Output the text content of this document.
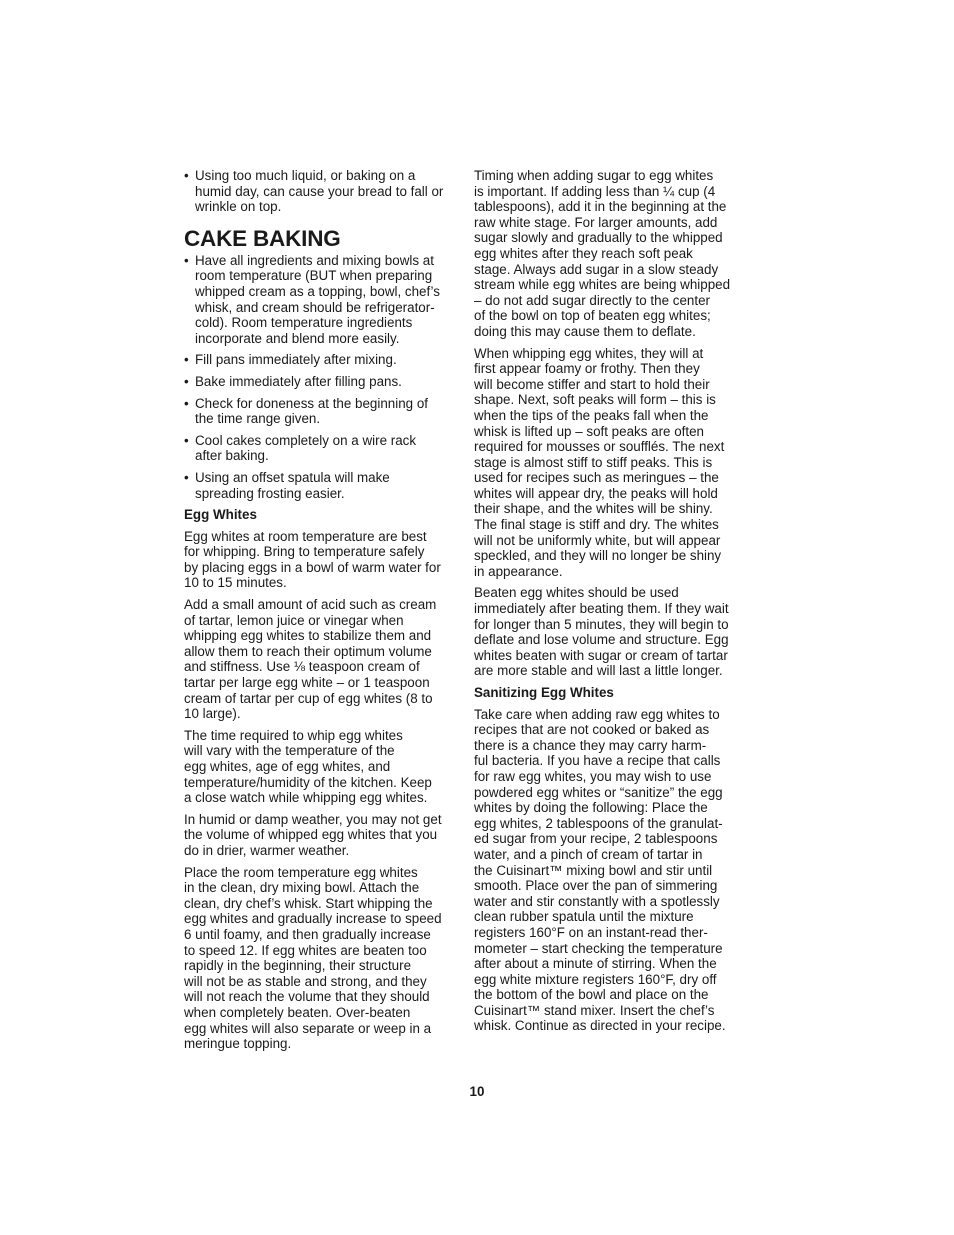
• Using too much liquid, or baking on a
humid day, can cause your bread to fall or
wrinkle on top.
CAKE BAKING
• Have all ingredients and mixing bowls at
room temperature (BUT when preparing
whipped cream as a topping, bowl, chef’s
whisk, and cream should be refrigerator-
cold). Room temperature ingredients
incorporate and blend more easily.
• Fill pans immediately after mixing.
• Bake immediately after filling pans.
• Check for doneness at the beginning of
the time range given.
• Cool cakes completely on a wire rack
after baking.
• Using an offset spatula will make
spreading frosting easier.
Egg Whites

Egg whites at room temperature are best
for whipping. Bring to temperature safely
by placing eggs in a bowl of warm water for
10 to 15 minutes.

Add a small amount of acid such as cream
of tartar, lemon juice or vinegar when
whipping egg whites to stabilize them and
allow them to reach their optimum volume
and stiffness. Use ⅛ teaspoon cream of
tartar per large egg white – or 1 teaspoon
cream of tartar per cup of egg whites (8 to
10 large).

The time required to whip egg whites
will vary with the temperature of the
egg whites, age of egg whites, and
temperature/humidity of the kitchen. Keep
a close watch while whipping egg whites.

In humid or damp weather, you may not get
the volume of whipped egg whites that you
do in drier, warmer weather.

Place the room temperature egg whites
in the clean, dry mixing bowl. Attach the
clean, dry chef’s whisk. Start whipping the
egg whites and gradually increase to speed
6 until foamy, and then gradually increase
to speed 12. If egg whites are beaten too
rapidly in the beginning, their structure
will not be as stable and strong, and they
will not reach the volume that they should
when completely beaten. Over-beaten
egg whites will also separate or weep in a
meringue topping.

Timing when adding sugar to egg whites
is important. If adding less than ¼ cup (4
tablespoons), add it in the beginning at the
raw white stage. For larger amounts, add
sugar slowly and gradually to the whipped
egg whites after they reach soft peak
stage. Always add sugar in a slow steady
stream while egg whites are being whipped
– do not add sugar directly to the center
of the bowl on top of beaten egg whites;
doing this may cause them to deflate.

When whipping egg whites, they will at
first appear foamy or frothy. Then they
will become stiffer and start to hold their
shape. Next, soft peaks will form – this is
when the tips of the peaks fall when the
whisk is lifted up – soft peaks are often
required for mousses or soufflés. The next
stage is almost stiff to stiff peaks. This is
used for recipes such as meringues – the
whites will appear dry, the peaks will hold
their shape, and the whites will be shiny.
The final stage is stiff and dry. The whites
will not be uniformly white, but will appear
speckled, and they will no longer be shiny
in appearance.

Beaten egg whites should be used
immediately after beating them. If they wait
for longer than 5 minutes, they will begin to
deflate and lose volume and structure. Egg
whites beaten with sugar or cream of tartar
are more stable and will last a little longer.

Sanitizing Egg Whites

Take care when adding raw egg whites to
recipes that are not cooked or baked as
there is a chance they may carry harm-
ful bacteria. If you have a recipe that calls
for raw egg whites, you may wish to use
powdered egg whites or “sanitize” the egg
whites by doing the following: Place the
egg whites, 2 tablespoons of the granulat-
ed sugar from your recipe, 2 tablespoons
water, and a pinch of cream of tartar in
the Cuisinart™ mixing bowl and stir until
smooth. Place over the pan of simmering
water and stir constantly with a spotlessly
clean rubber spatula until the mixture
registers 160°F on an instant-read ther-
mometer – start checking the temperature
after about a minute of stirring. When the
egg white mixture registers 160°F, dry off
the bottom of the bowl and place on the
Cuisinart™ stand mixer. Insert the chef’s
whisk. Continue as directed in your recipe.

10
